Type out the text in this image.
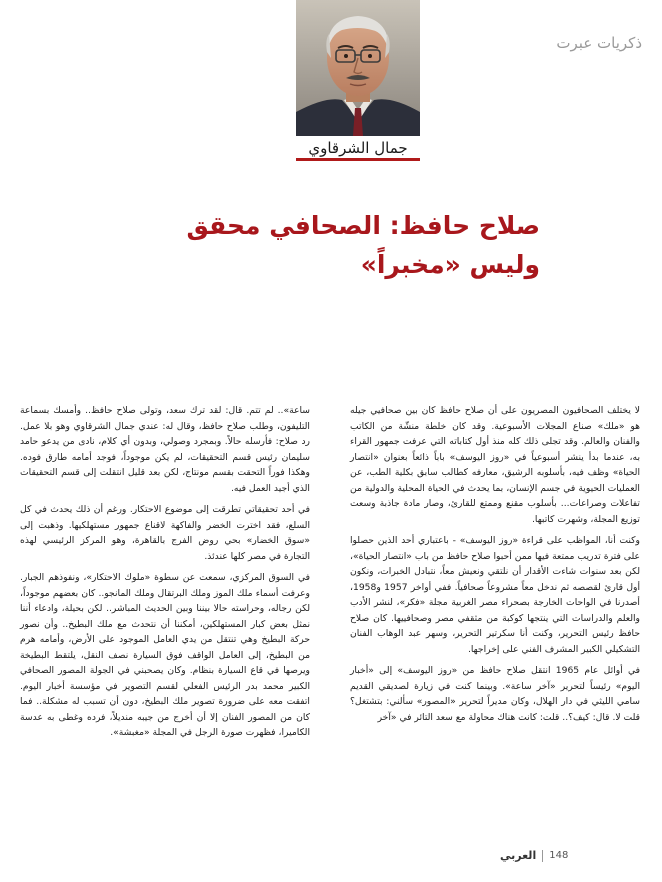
ذكريات عبرت
جمال الشرقاوي
صلاح حافظ: الصحافي محقق
وليس «مخبراً»

لا يختلف الصحافيون المصريون على أن صلاح حافظ كان بين صحافيي جيله هو «ملك» صناع المجلات الأسبوعية. وقد كان خلطة منشّة من الكاتب والفنان والعالم. وقد تجلى ذلك كله منذ أول كتاباته التي عرفت جمهور القراء به، عندما بدأ ينشر أسبوعياً في «روز اليوسف» باباً ذائعاً بعنوان «انتصار الحياة» وظف فيه، بأسلوبه الرشيق، معارفه كطالب سابق بكلية الطب، عن العمليات الحيوية في جسم الإنسان، بما يحدث في الحياة المحلية والدولية من تفاعلات وصراعات... بأسلوب مقنع وممتع للقارئ، وصار مادة جاذبة وسعت توزيع المجلة، وشهرت كاتبها.

وكنت أنا، المواظب على قراءة «روز اليوسف» - باعتباري أحد الذين حصلوا على فترة تدريب ممتعة فيها ممن أحبوا صلاح حافظ من باب «انتصار الحياة»، لكن بعد سنوات شاءت الأقدار أن نلتقي ونعيش معاً، نتبادل الخبرات، ونكون أول قارئ لقصصه ثم ندخل معاً مشروعاً صحافياً. ففي أواخر 1957 و1958، أصدرنا في الواحات الخارجة بصحراء مصر الغربية مجلة «فكر»، لنشر الأدب والعلم والدراسات التي ينتجها كوكبة من مثقفي مصر وصحافييها. كان صلاح حافظ رئيس التحرير، وكنت أنا سكرتير التحرير، وسهر عبد الوهاب الفنان التشكيلي الكبير المشرف الفني على إخراجها.

في أوائل عام 1965 انتقل صلاح حافظ من «روز اليوسف» إلى «أخبار اليوم» رئيساً لتحرير «آخر ساعة». وبينما كنت في زيارة لصديقي القديم سامي الليثي في دار الهلال، وكان مديراً لتحرير «المصور» سألني: بتشتغل؟ قلت لا. قال: كيف؟.. قلت: كانت هناك محاولة مع سعد التائر في «آخر

ساعة».. لم تتم. قال: لقد ترك سعد، وتولى صلاح حافظ.. وأمسك بسماعة التليفون، وطلب صلاح حافظ، وقال له: عندي جمال الشرقاوي وهو بلا عمل. رد صلاح: فأرسله حالاً. وبمجرد وصولي، وبدون أي كلام، نادى من يدعو حامد سليمان رئيس قسم التحقيقات، لم يكن موجوداً، فوجد أمامه طارق فوده. وهكذا فوراً التحقت بقسم مونتاج، لكن بعد قليل انتقلت إلى قسم التحقيقات الذي أجيد العمل فيه.

في أحد تحقيقاتي تطرقت إلى موضوع الاحتكار. ورغم أن ذلك يحدث في كل السلع، فقد اخترت الخضر والفاكهة لاقناع جمهور مستهلكيها. وذهبت إلى «سوق الخضار» بحي روض الفرج بالقاهرة، وهو المركز الرئيسي لهذه التجارة في مصر كلها عندئذ.

في السوق المركزي، سمعت عن سطوة «ملوك الاحتكار»، ونفوذهم الجبار. وعرفت أسماء ملك الموز وملك البرتقال وملك المانجو.. كان بعضهم موجوداً، لكن رجاله، وحراسته حالا بيننا وبين الحديث المباشر.. لكن بحيلة، وادعاء أننا نمثل بعض كبار المستهلكين، أمكننا أن نتحدث مع ملك البطيخ.. وأن نصور حركة البطيخ وهي تنتقل من يدي العامل الموجود على الأرض، وأمامه هرم من البطيخ، إلى العامل الواقف فوق السيارة نصف النقل، يلتقط البطيخة ويرصها في قاع السيارة بنظام. وكان يصحبني في الجولة المصور الصحافي الكبير محمد بدر الرئيس الفعلي لقسم التصوير في مؤسسة أخبار اليوم. اتفقت معه على ضرورة تصوير ملك البطيخ، دون أن تسبب له مشكلة.. فما كان من المصور الفنان إلا أن أخرج من جيبه منديلاً، فرده وغطى به عدسة الكاميرا، فظهرت صورة الرجل في المجلة «مغبشة».

العربي 148
